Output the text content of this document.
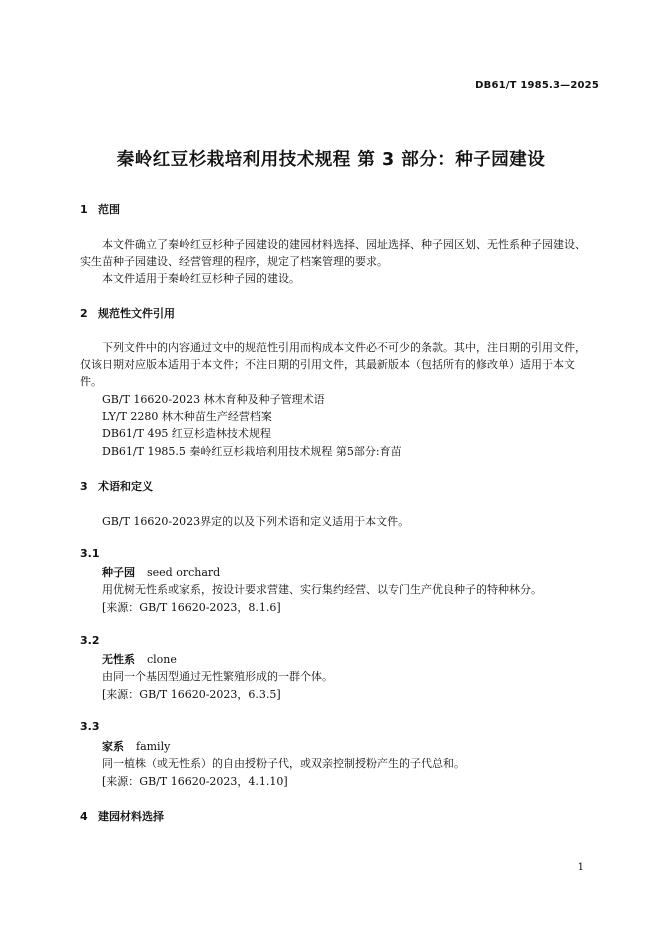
DB61/T 1985.3—2025
秦岭红豆杉栽培利用技术规程 第 3 部分：种子园建设
1 范围
本文件确立了秦岭红豆杉种子园建设的建园材料选择、园址选择、种子园区划、无性系种子园建设、
实生苗种子园建设、经营管理的程序，规定了档案管理的要求。
本文件适用于秦岭红豆杉种子园的建设。
2 规范性文件引用
下列文件中的内容通过文中的规范性引用而构成本文件必不可少的条款。其中，注日期的引用文件，
仅该日期对应版本适用于本文件；不注日期的引用文件，其最新版本（包括所有的修改单）适用于本文
件。
GB/T 16620-2023 林木育种及种子管理术语
LY/T 2280 林木种苗生产经营档案
DB61/T 495 红豆杉造林技术规程
DB61/T 1985.5 秦岭红豆杉栽培利用技术规程 第5部分:育苗
3 术语和定义
GB/T 16620-2023界定的以及下列术语和定义适用于本文件。
3.1
种子园 seed orchard
用优树无性系或家系，按设计要求营建、实行集约经营、以专门生产优良种子的特种林分。
[来源：GB/T 16620-2023，8.1.6]
3.2
无性系 clone
由同一个基因型通过无性繁殖形成的一群个体。
[来源：GB/T 16620-2023，6.3.5]
3.3
家系 family
同一植株（或无性系）的自由授粉子代，或双亲控制授粉产生的子代总和。
[来源：GB/T 16620-2023，4.1.10]
4 建园材料选择
1
